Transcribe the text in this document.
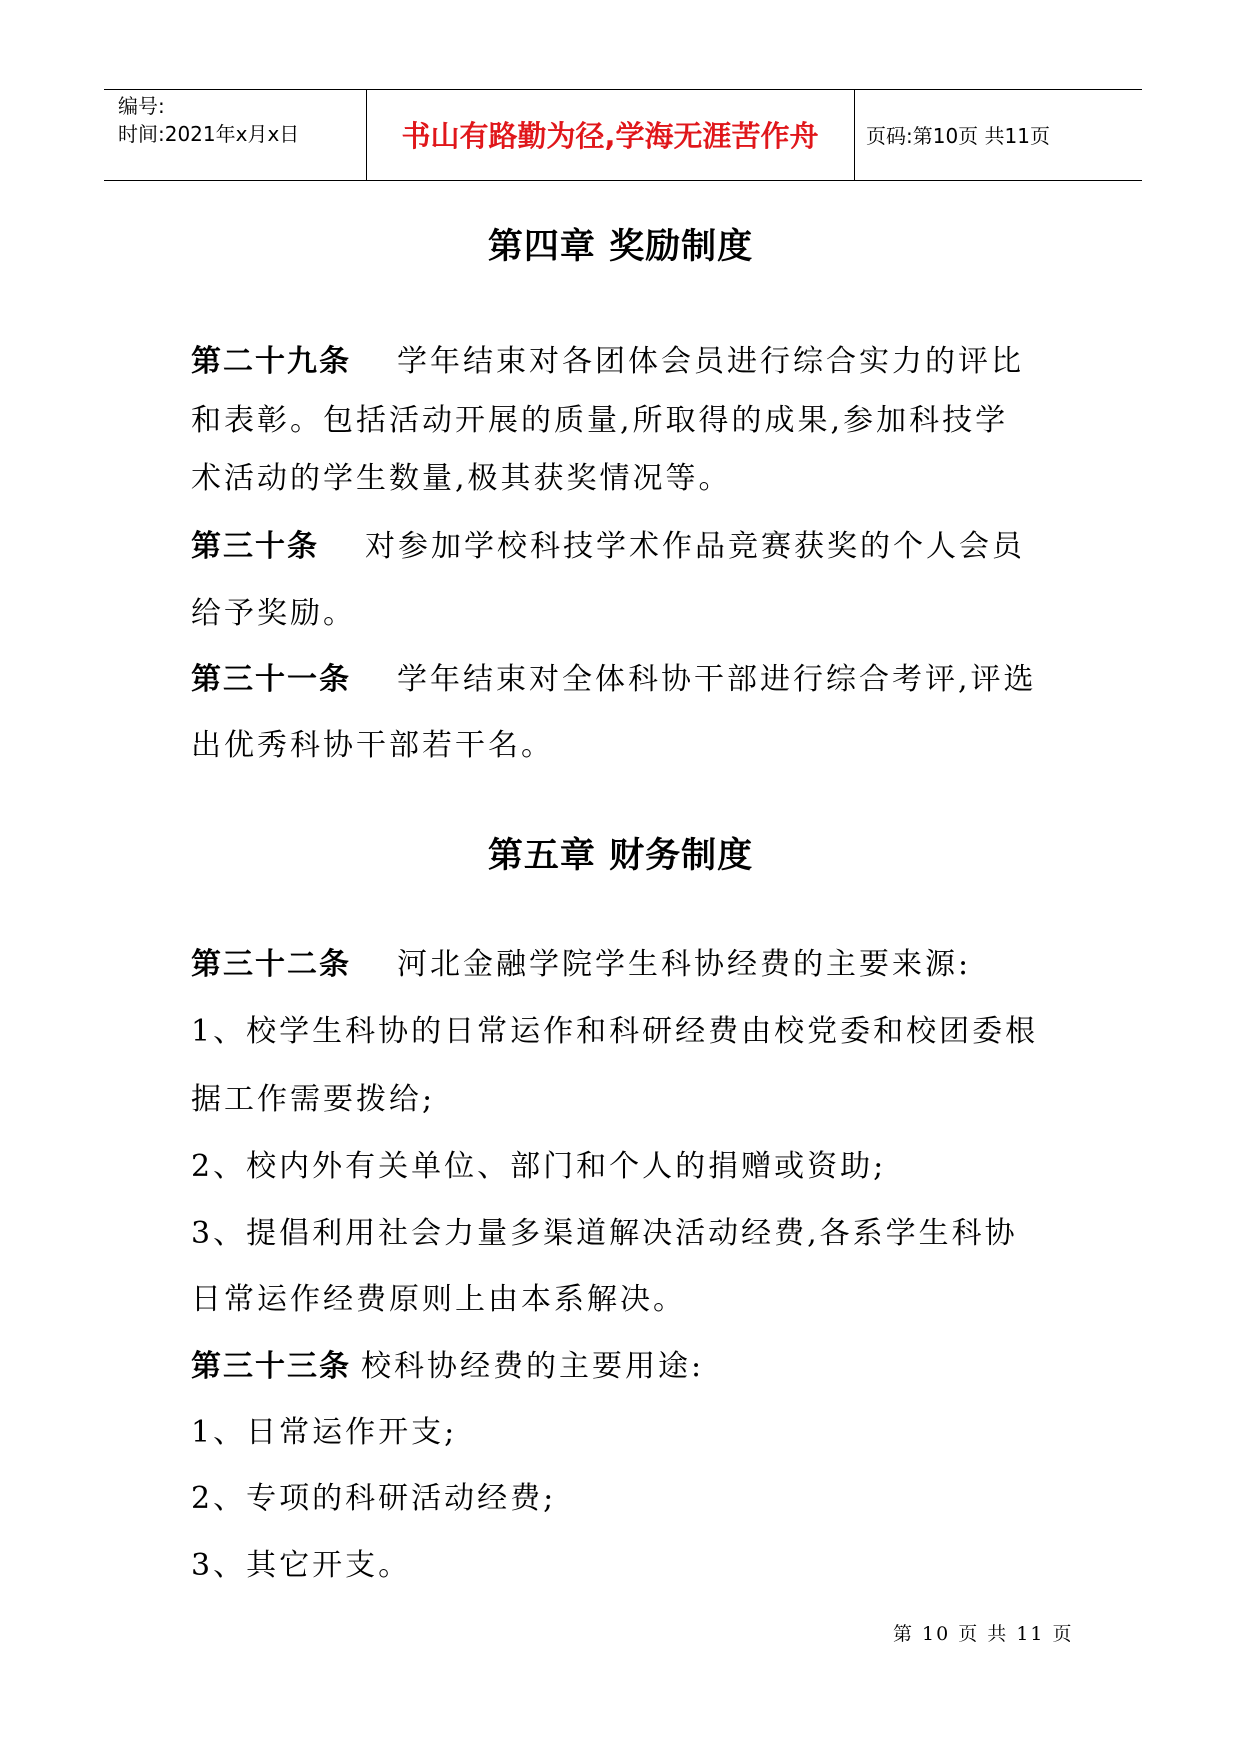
编号:
时间:2021年x月x日	书山有路勤为径,学海无涯苦作舟	页码:第10页 共11页
第四章 奖励制度
第二十九条 学年结束对各团体会员进行综合实力的评比
和表彰。包括活动开展的质量,所取得的成果,参加科技学
术活动的学生数量,极其获奖情况等。
第三十条 对参加学校科技学术作品竞赛获奖的个人会员
给予奖励。
第三十一条 学年结束对全体科协干部进行综合考评,评选
出优秀科协干部若干名。
第五章 财务制度
第三十二条 河北金融学院学生科协经费的主要来源:
1、校学生科协的日常运作和科研经费由校党委和校团委根
据工作需要拨给;
2、校内外有关单位、部门和个人的捐赠或资助;
3、提倡利用社会力量多渠道解决活动经费,各系学生科协
日常运作经费原则上由本系解决。
第三十三条 校科协经费的主要用途:
1、日常运作开支;
2、专项的科研活动经费;
3、其它开支。
第 10 页 共 11 页
